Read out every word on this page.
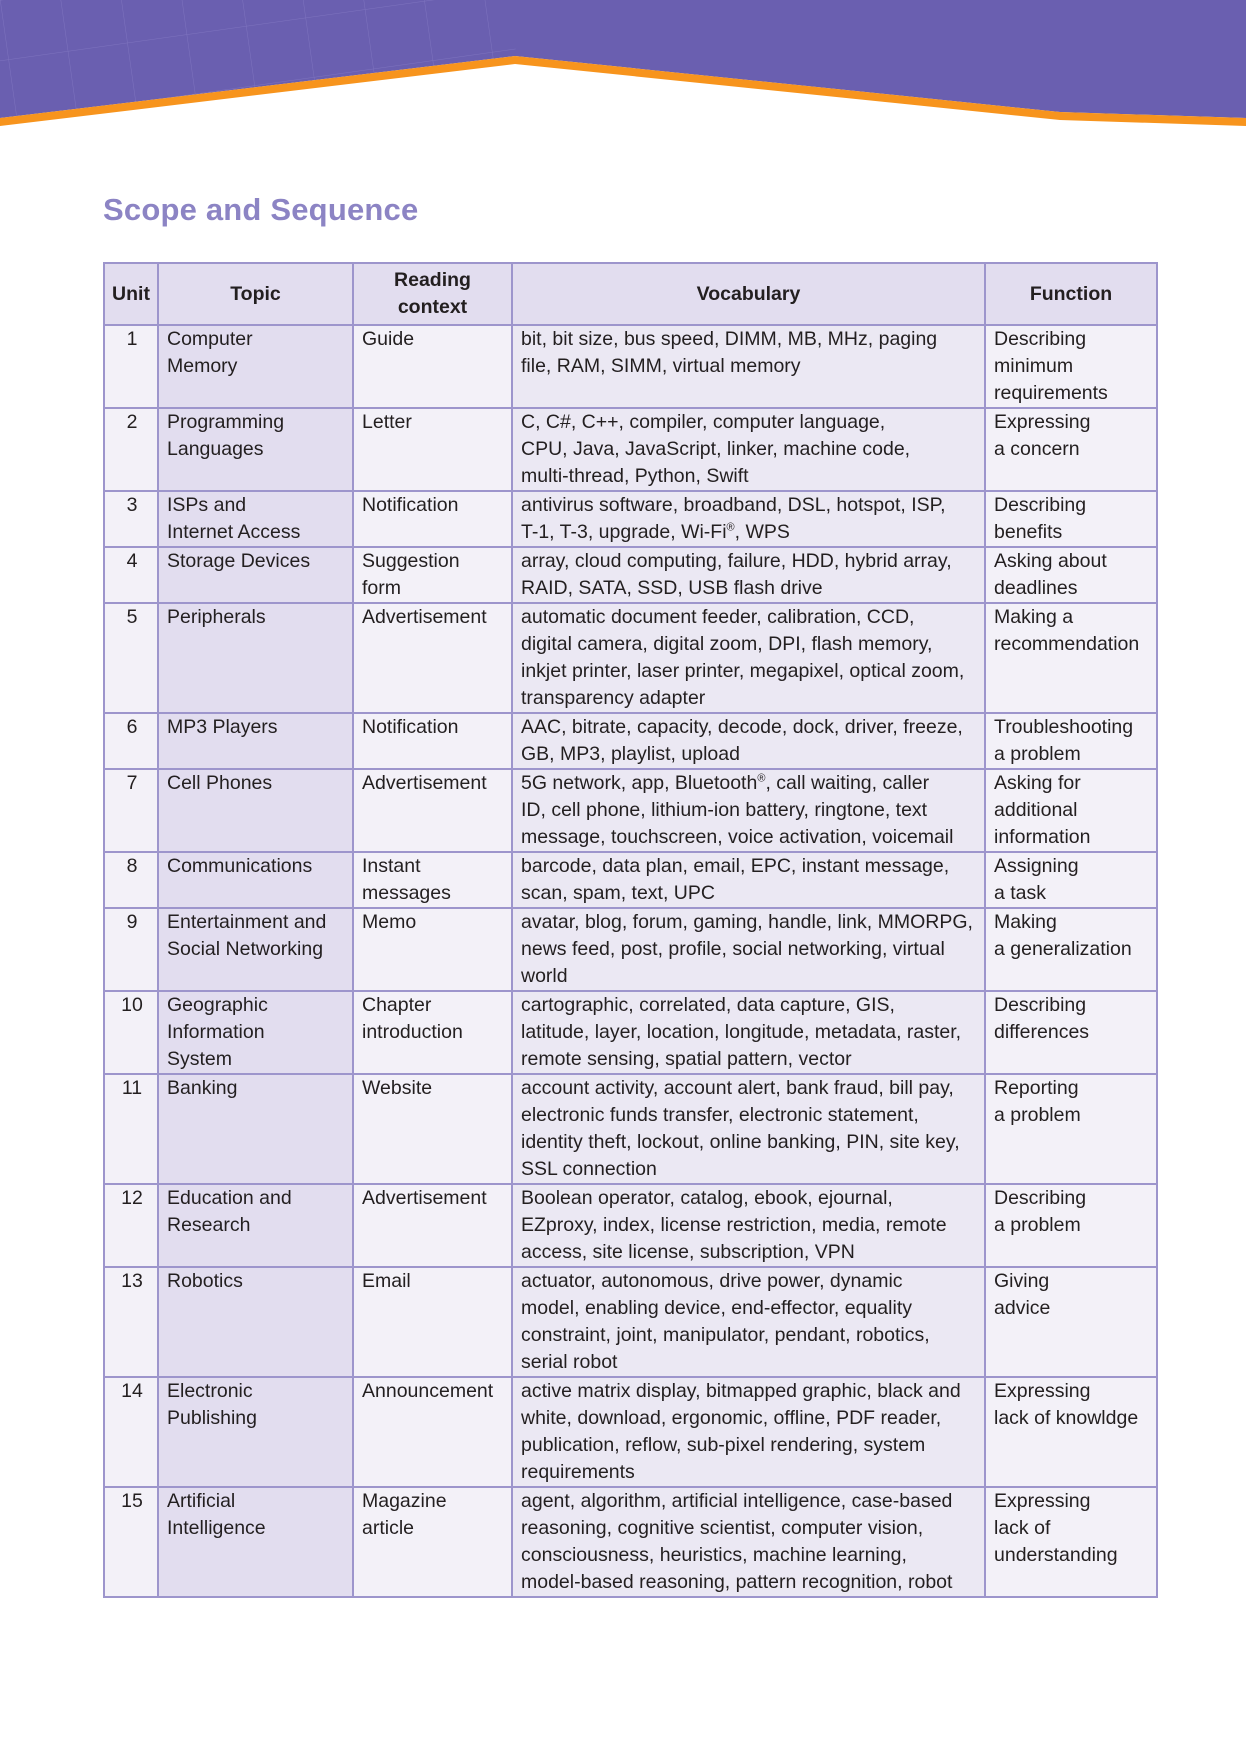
Scope and Sequence
Unit	Topic	Reading
context	Vocabulary	Function
1	Computer
Memory	Guide	bit, bit size, bus speed, DIMM, MB, MHz, paging
file, RAM, SIMM, virtual memory	Describing
minimum
requirements

2	Programming
Languages	Letter	C, C#, C++, compiler, computer language,
CPU, Java, JavaScript, linker, machine code,
multi-thread, Python, Swift	Expressing
a concern

3	ISPs and
Internet Access	Notification	antivirus software, broadband, DSL, hotspot, ISP,
T-1, T-3, upgrade, Wi-Fi®, WPS	Describing
benefits

4	Storage Devices	Suggestion
form	array, cloud computing, failure, HDD, hybrid array,
RAID, SATA, SSD, USB flash drive	Asking about
deadlines

5	Peripherals	Advertisement	automatic document feeder, calibration, CCD,
digital camera, digital zoom, DPI, flash memory,
inkjet printer, laser printer, megapixel, optical zoom,
transparency adapter	Making a
recommendation

6	MP3 Players	Notification	AAC, bitrate, capacity, decode, dock, driver, freeze,
GB, MP3, playlist, upload	Troubleshooting
a problem

7	Cell Phones	Advertisement	5G network, app, Bluetooth®, call waiting, caller
ID, cell phone, lithium-ion battery, ringtone, text
message, touchscreen, voice activation, voicemail	Asking for
additional
information

8	Communications	Instant
messages	barcode, data plan, email, EPC, instant message,
scan, spam, text, UPC	Assigning
a task

9	Entertainment and
Social Networking	Memo	avatar, blog, forum, gaming, handle, link, MMORPG,
news feed, post, profile, social networking, virtual
world	Making
a generalization

10	Geographic
Information
System	Chapter
introduction	cartographic, correlated, data capture, GIS,
latitude, layer, location, longitude, metadata, raster,
remote sensing, spatial pattern, vector	Describing
differences

11	Banking	Website	account activity, account alert, bank fraud, bill pay,
electronic funds transfer, electronic statement,
identity theft, lockout, online banking, PIN, site key,
SSL connection	Reporting
a problem

12	Education and
Research	Advertisement	Boolean operator, catalog, ebook, ejournal,
EZproxy, index, license restriction, media, remote
access, site license, subscription, VPN	Describing
a problem

13	Robotics	Email	actuator, autonomous, drive power, dynamic
model, enabling device, end-effector, equality
constraint, joint, manipulator, pendant, robotics,
serial robot	Giving
advice

14	Electronic
Publishing	Announcement	active matrix display, bitmapped graphic, black and
white, download, ergonomic, offline, PDF reader,
publication, reflow, sub-pixel rendering, system
requirements	Expressing
lack of knowldge

15	Artificial
Intelligence	Magazine
article	agent, algorithm, artificial intelligence, case-based
reasoning, cognitive scientist, computer vision,
consciousness, heuristics, machine learning,
model-based reasoning, pattern recognition, robot	Expressing
lack of
understanding
